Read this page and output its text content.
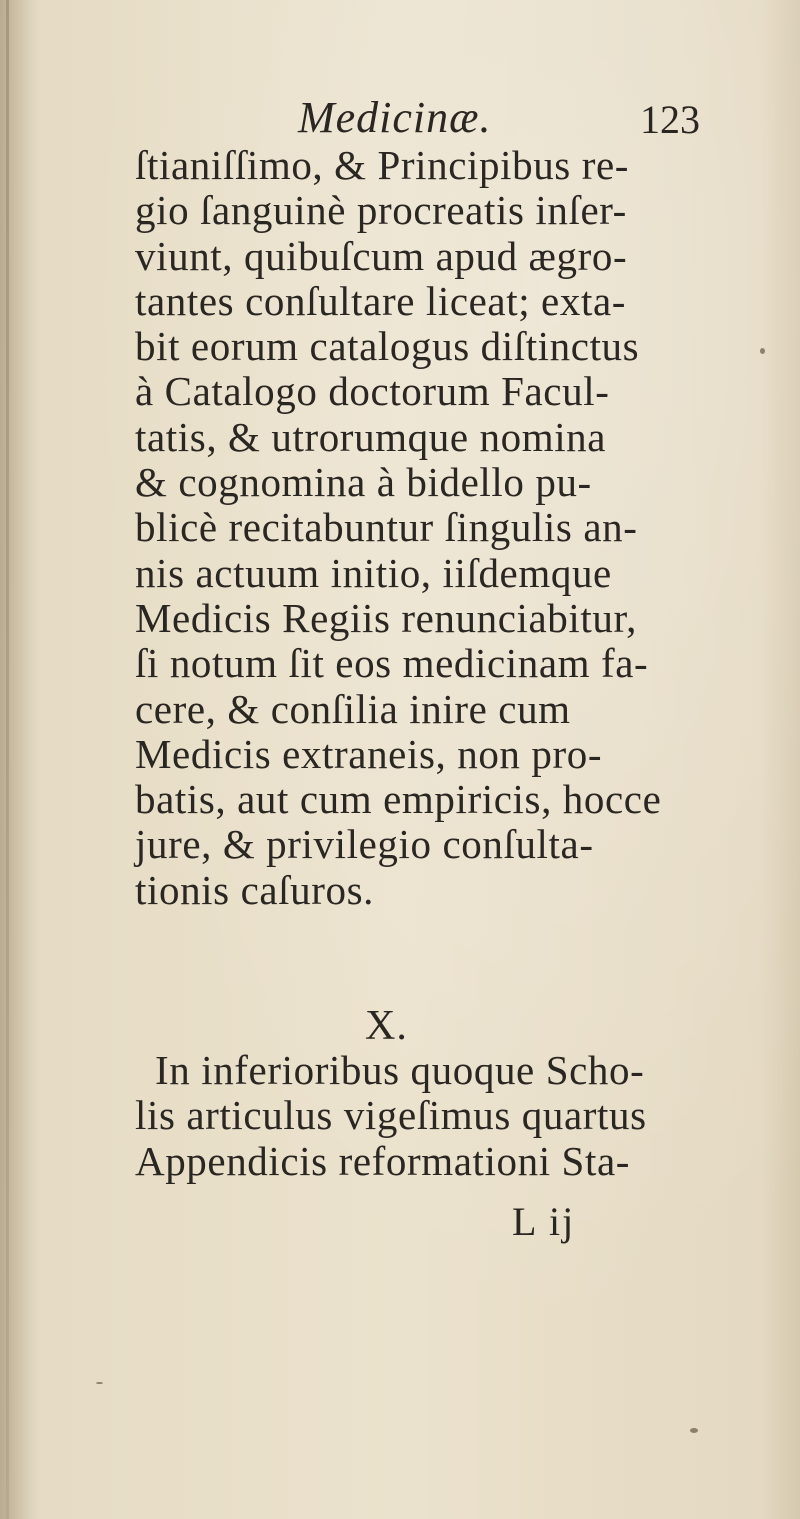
Medicinæ.	123
ſtianiſſimo, & Principibus re-
gio ſanguinè procreatis inſer-
viunt, quibuſcum apud ægro-
tantes conſultare liceat; exta-
bit eorum catalogus diſtinctus
à Catalogo doctorum Facul-
tatis, & utrorumque nomina
& cognomina à bidello pu-
blicè recitabuntur ſingulis an-
nis actuum initio, iiſdemque
Medicis Regiis renunciabitur,
ſi notum ſit eos medicinam fa-
cere, & conſilia inire cum
Medicis extraneis, non pro-
batis, aut cum empiricis, hocce
jure, & privilegio conſulta-
tionis caſuros.
X.
In inferioribus quoque Scho-
lis articulus vigeſimus quartus
Appendicis reformationi Sta-
L ij
